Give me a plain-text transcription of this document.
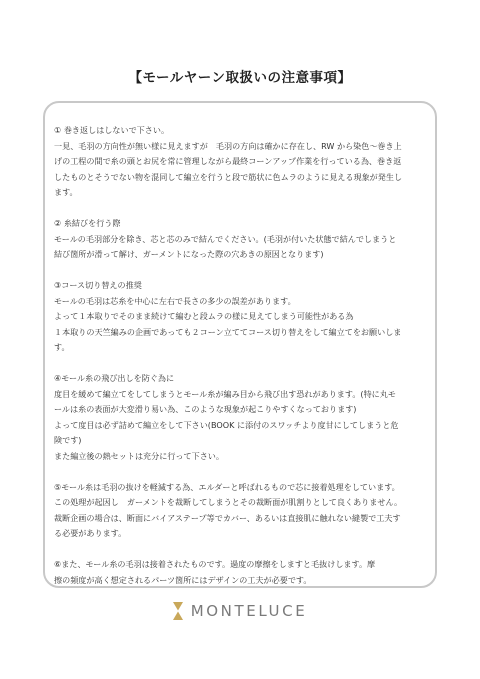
【モールヤーン取扱いの注意事項】
① 巻き返しはしないで下さい。
一見、毛羽の方向性が無い様に見えますが　毛羽の方向は確かに存在し、RW から染色～巻き上
げの工程の間で糸の頭とお尻を常に管理しながら最終コーンアップ作業を行っている為、巻き返
したものとそうでない物を混同して編立を行うと段で筋状に色ムラのように見える現象が発生し
ます。
② 糸結びを行う際
モールの毛羽部分を除き、芯と芯のみで結んでください。(毛羽が付いた状態で結んでしまうと
結び箇所が滑って解け、ガーメントになった際の穴あきの原因となります)
③コース切り替えの推奨
モールの毛羽は芯糸を中心に左右で長さの多少の誤差があります。
よって１本取りでそのまま続けて編むと段ムラの様に見えてしまう可能性がある為
１本取りの天竺編みの企画であっても２コーン立ててコース切り替えをして編立てをお願いしま
す。
④モール糸の飛び出しを防ぐ為に
度目を緩めて編立てをしてしまうとモール糸が編み目から飛び出す恐れがあります。(特に丸モ
ールは糸の表面が大変滑り易い為、このような現象が起こりやすくなっております)
よって度目は必ず詰めて編立をして下さい(BOOK に添付のスワッチより度甘にしてしまうと危
険です)
また編立後の熱セットは充分に行って下さい。
⑤モール糸は毛羽の抜けを軽減する為、エルダーと呼ばれるもので芯に接着処理をしています。
この処理が起因し　ガーメントを裁断してしまうとその裁断面が肌割りとして良くありません。
裁断企画の場合は、断面にバイアステープ等でカバー、あるいは直接肌に触れない縫製で工夫す
る必要があります。
⑥また、モール糸の毛羽は接着されたものです。過度の摩擦をしますと毛抜けします。摩
擦の頻度が高く想定されるパーツ箇所にはデザインの工夫が必要です。
MONTELUCE
